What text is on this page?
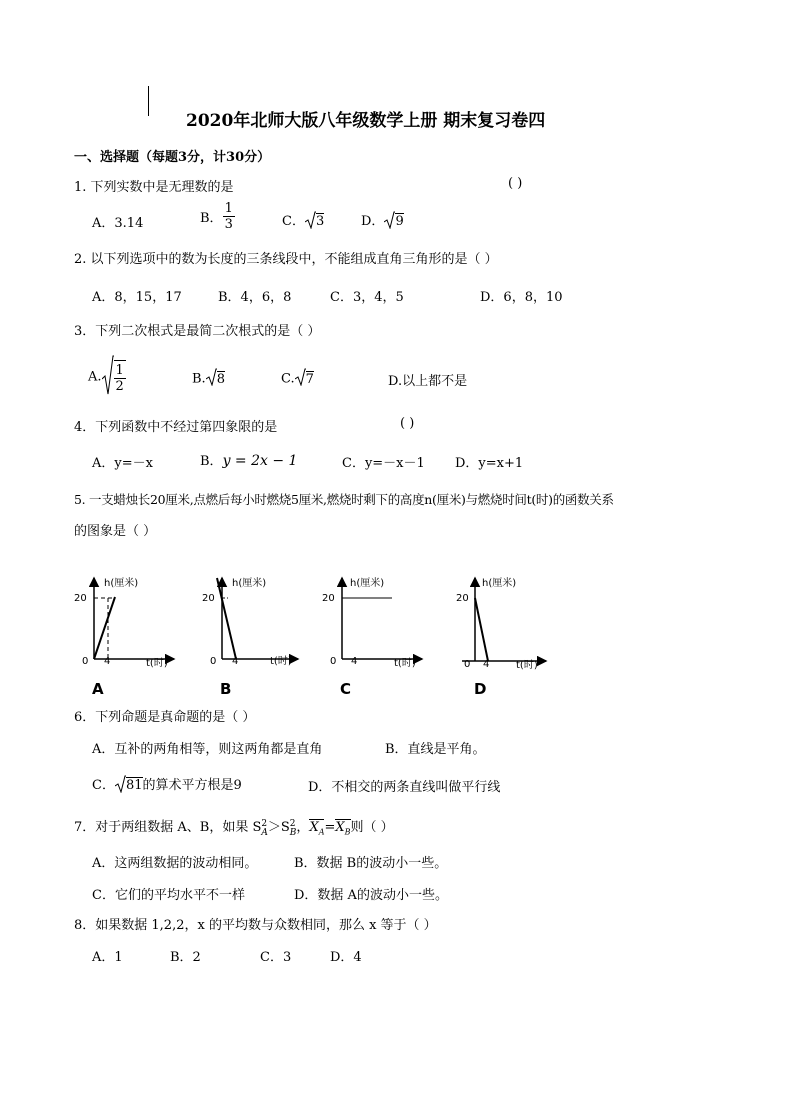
2020年北师大版八年级数学上册 期末复习卷四
一、选择题（每题3分，计30分）
1. 下列实数中是无理数的是	( )
A．3.14	B． $\frac{1}{3}$	C． 3	D． 9
2. 以下列选项中的数为长度的三条线段中，不能组成直角三角形的是（ ）
A．8，15，17	B．4，6，8	C．3，4，5	D．6，8，10
3．下列二次根式是最简二次根式的是（ ）
A. $\frac{1}{2}$	B. 8	C. 7	D.以上都不是
4．下列函数中不经过第四象限的是	( )
A．y=－x	B．y = 2x − 1	C．y=－x－1 D．y=x+1
5. 一支蜡烛长20厘米,点燃后每小时燃烧5厘米,燃烧时剩下的高度n(厘米)与燃烧时间t(时)的函数关系
的图象是（ ）
h(厘米)
20
0 4	t(时)
A
h(厘米)
20
0 4	t(时)
B
h(厘米)
20
0 4	t(时)
C
h(厘米)
20
0 4	t(时)
D
6．下列命题是真命题的是（ ）
A．互补的两角相等，则这两角都是直角	B．直线是平角。
C． 81的算术平方根是9	D．不相交的两条直线叫做平行线
7．对于两组数据 A、B，如果 S 2
A ＞S 2
B ，$X_A=X_B$则（ ）
A．这两组数据的波动相同。	B．数据 B的波动小一些。
C．它们的平均水平不一样	D．数据 A的波动小一些。
8．如果数据 1,2,2，x 的平均数与众数相同，那么 x 等于（ ）
A．1	B．2	C．3	D．4
